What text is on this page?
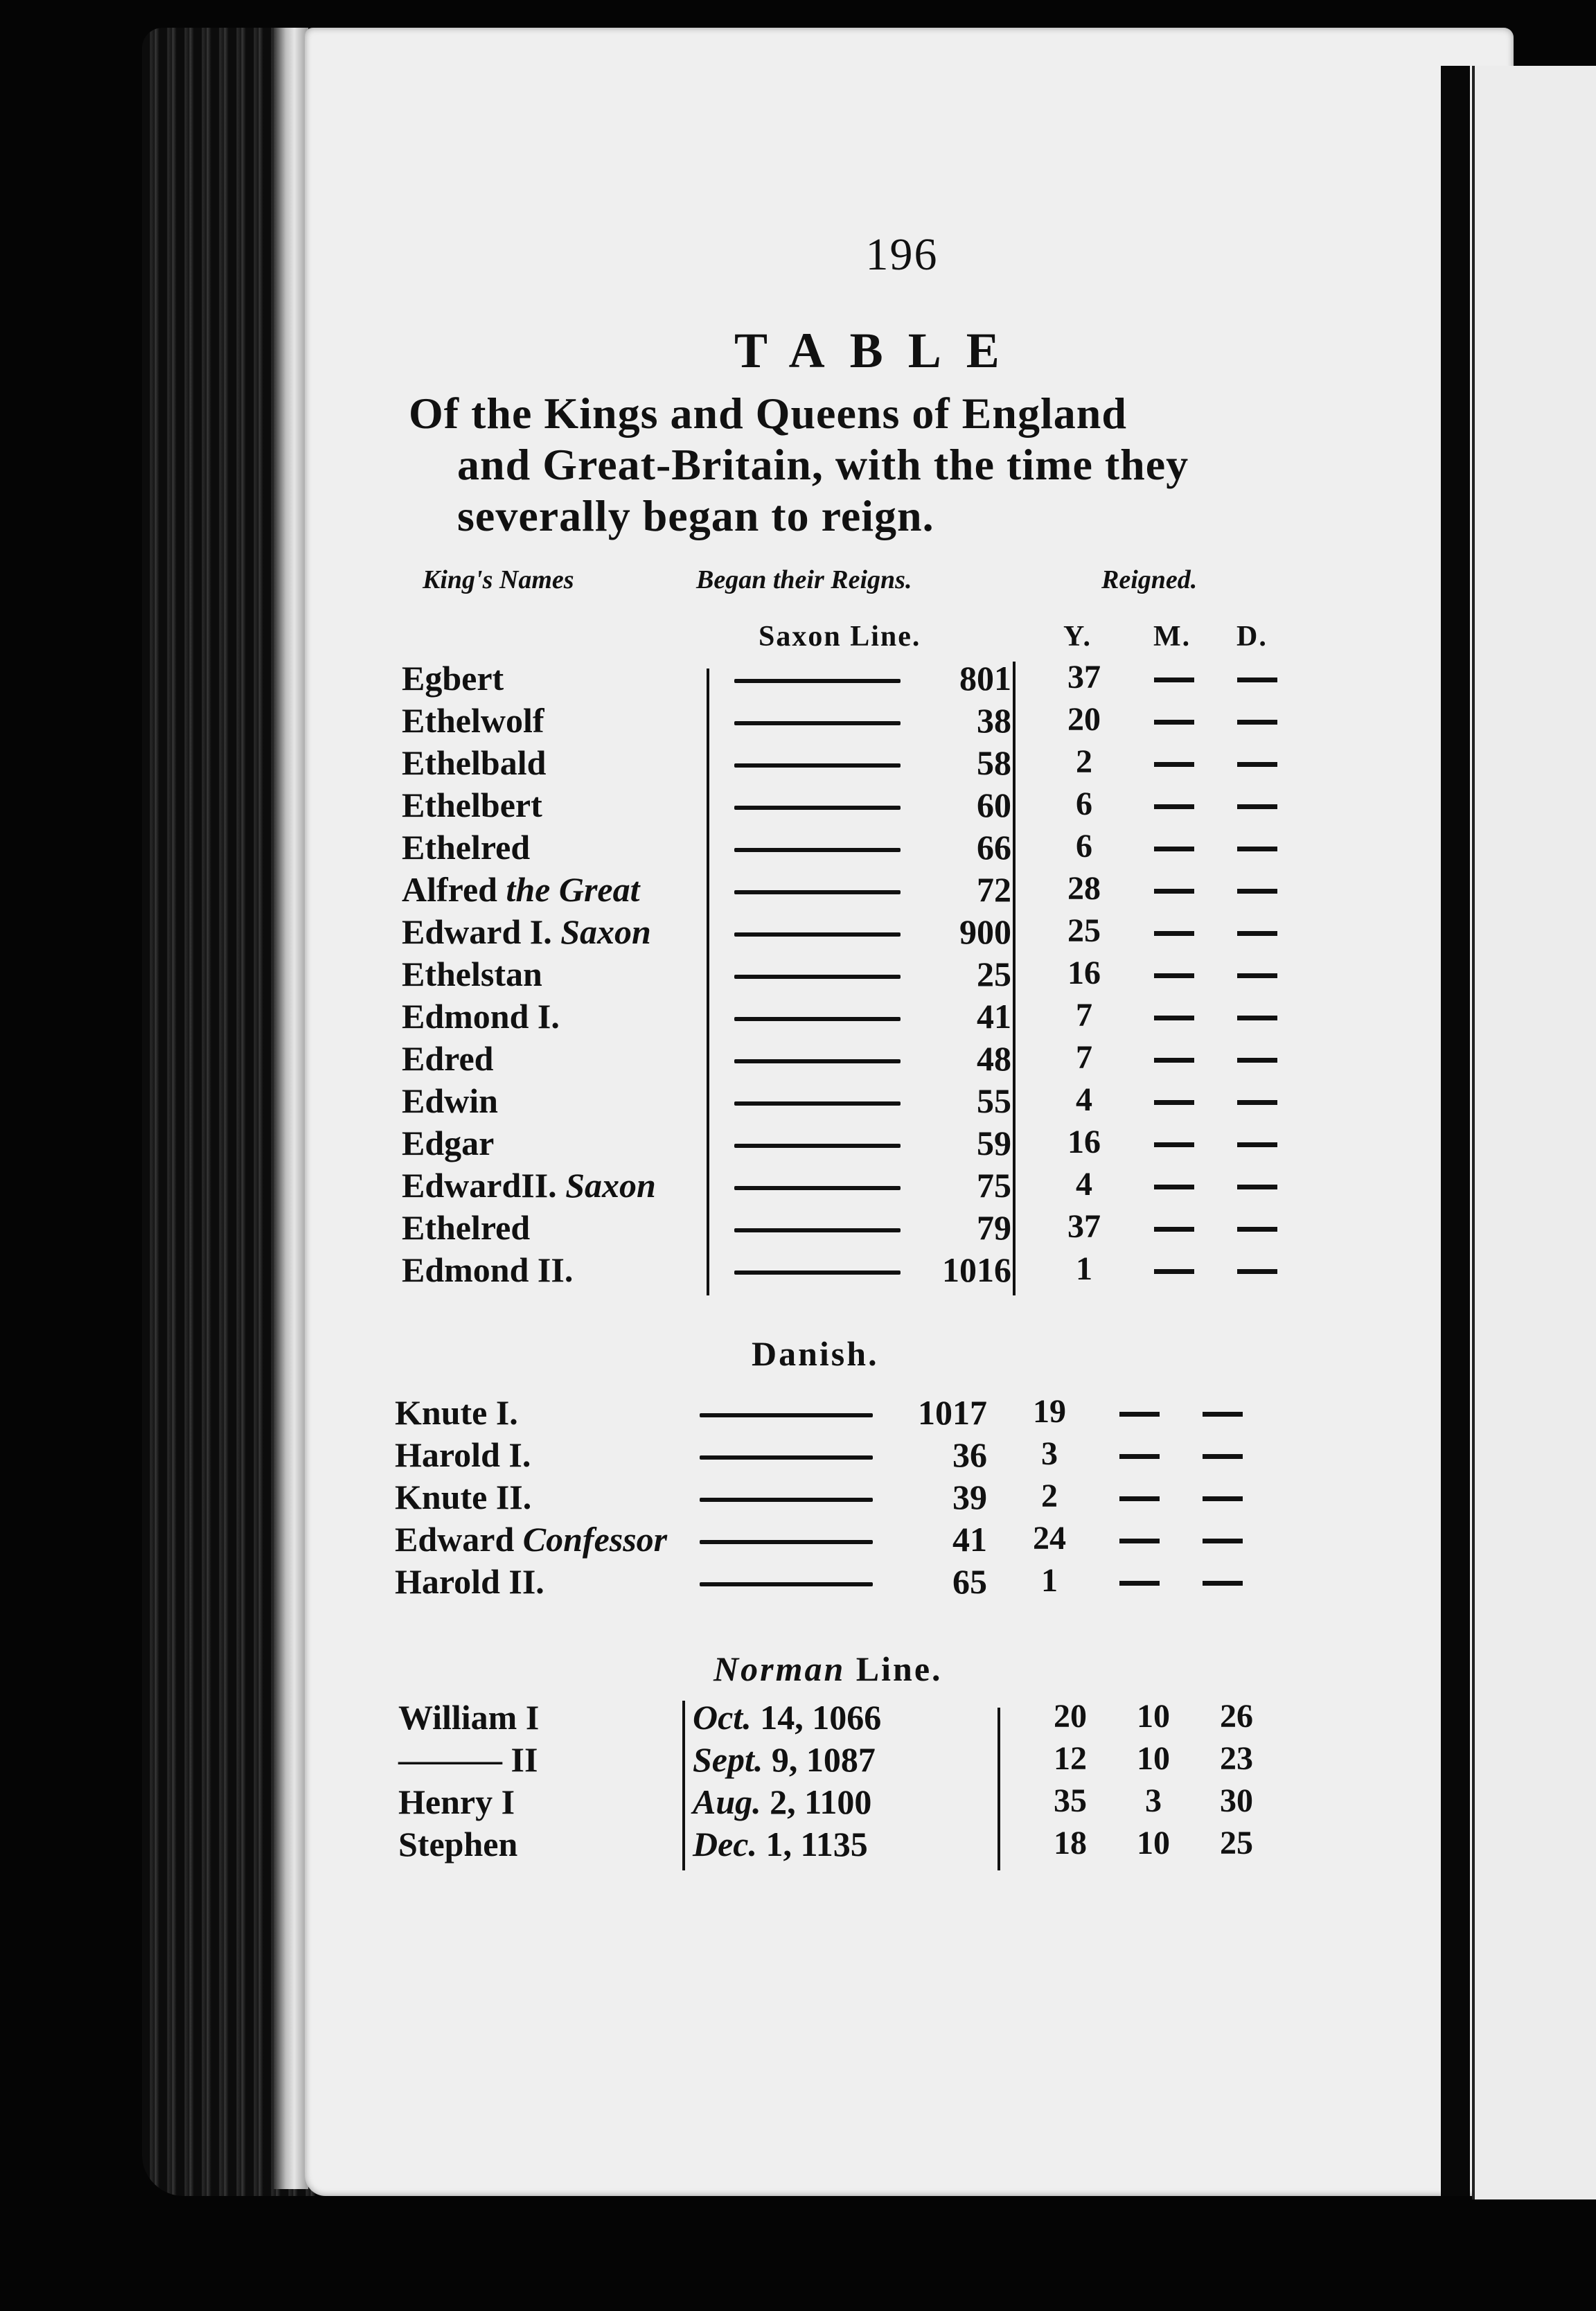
196
TABLE
Of the Kings and Queens of England
and Great-Britain, with the time they
severally began to reign.
King's Names	Began their Reigns.	Reigned.
Saxon Line.	Y. M. D.
Egbert	801	37
Ethelwolf	38	20
Ethelbald	58	2
Ethelbert	60	6
Ethelred	66	6
Alfred the Great	72	28
Edward I. Saxon	900	25
Ethelstan	25	16
Edmond I.	41	7
Edred	48	7
Edwin	55	4
Edgar	59	16
EdwardII. Saxon	75	4
Ethelred	79	37
Edmond II.	1016	1
Danish.
Knute I.	1017	19
Harold I.	36	3
Knute II.	39	2
Edward Confessor	41	24
Harold II.	65	1
Norman Line.
William I	Oct. 14, 1066	20	10	26
——— II	Sept. 9, 1087	12	10	23
Henry I	Aug. 2, 1100	35	3	30
Stephen	Dec. 1, 1135	18	10	25
